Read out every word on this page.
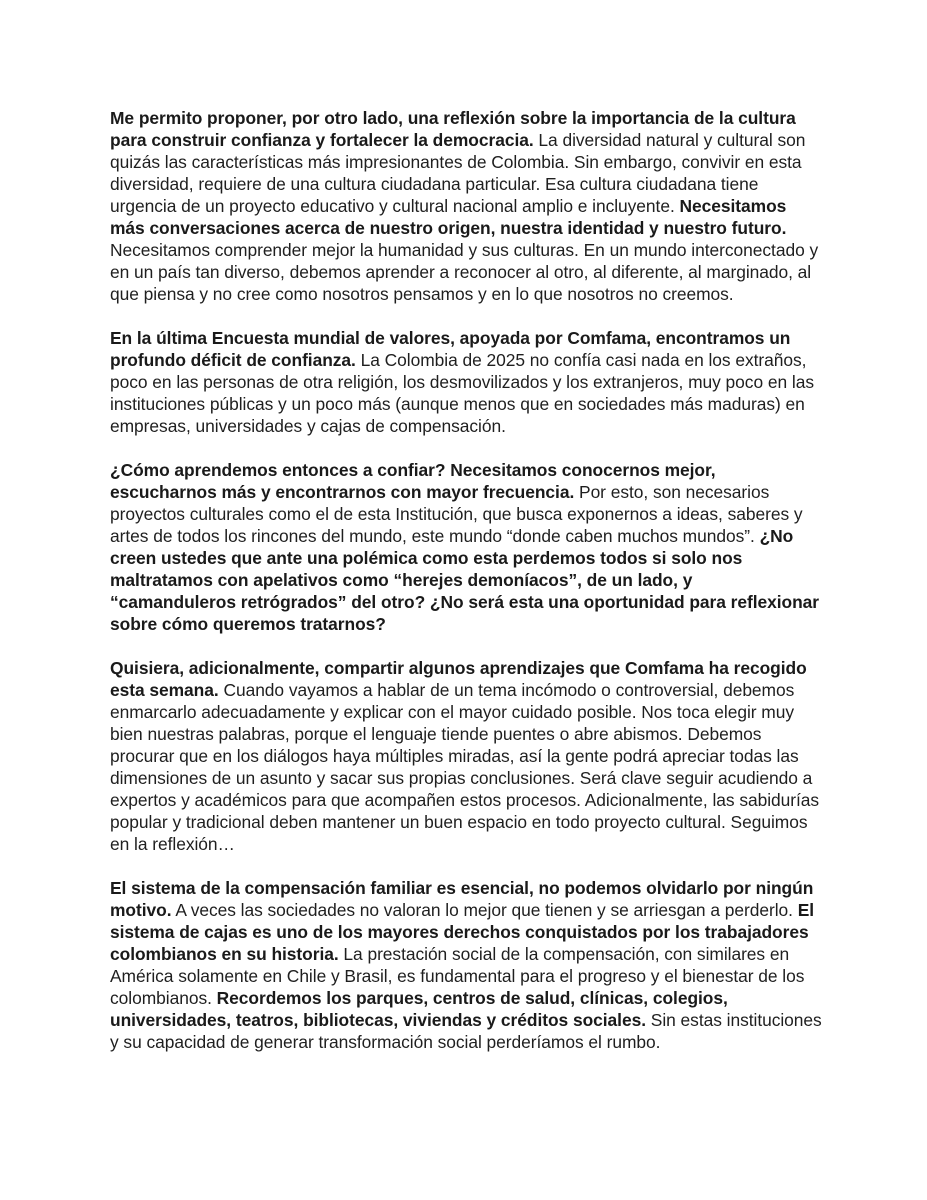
Me permito proponer, por otro lado, una reflexión sobre la importancia de la cultura para construir confianza y fortalecer la democracia. La diversidad natural y cultural son quizás las características más impresionantes de Colombia. Sin embargo, convivir en esta diversidad, requiere de una cultura ciudadana particular. Esa cultura ciudadana tiene urgencia de un proyecto educativo y cultural nacional amplio e incluyente. Necesitamos más conversaciones acerca de nuestro origen, nuestra identidad y nuestro futuro. Necesitamos comprender mejor la humanidad y sus culturas. En un mundo interconectado y en un país tan diverso, debemos aprender a reconocer al otro, al diferente, al marginado, al que piensa y no cree como nosotros pensamos y en lo que nosotros no creemos.

En la última Encuesta mundial de valores, apoyada por Comfama, encontramos un profundo déficit de confianza. La Colombia de 2025 no confía casi nada en los extraños, poco en las personas de otra religión, los desmovilizados y los extranjeros, muy poco en las instituciones públicas y un poco más (aunque menos que en sociedades más maduras) en empresas, universidades y cajas de compensación.

¿Cómo aprendemos entonces a confiar? Necesitamos conocernos mejor, escucharnos más y encontrarnos con mayor frecuencia. Por esto, son necesarios proyectos culturales como el de esta Institución, que busca exponernos a ideas, saberes y artes de todos los rincones del mundo, este mundo “donde caben muchos mundos”. ¿No creen ustedes que ante una polémica como esta perdemos todos si solo nos maltratamos con apelativos como “herejes demoníacos”, de un lado, y “camanduleros retrógrados” del otro? ¿No será esta una oportunidad para reflexionar sobre cómo queremos tratarnos?

Quisiera, adicionalmente, compartir algunos aprendizajes que Comfama ha recogido esta semana. Cuando vayamos a hablar de un tema incómodo o controversial, debemos enmarcarlo adecuadamente y explicar con el mayor cuidado posible. Nos toca elegir muy bien nuestras palabras, porque el lenguaje tiende puentes o abre abismos. Debemos procurar que en los diálogos haya múltiples miradas, así la gente podrá apreciar todas las dimensiones de un asunto y sacar sus propias conclusiones. Será clave seguir acudiendo a expertos y académicos para que acompañen estos procesos. Adicionalmente, las sabidurías popular y tradicional deben mantener un buen espacio en todo proyecto cultural. Seguimos en la reflexión…

El sistema de la compensación familiar es esencial, no podemos olvidarlo por ningún motivo. A veces las sociedades no valoran lo mejor que tienen y se arriesgan a perderlo. El sistema de cajas es uno de los mayores derechos conquistados por los trabajadores colombianos en su historia. La prestación social de la compensación, con similares en América solamente en Chile y Brasil, es fundamental para el progreso y el bienestar de los colombianos. Recordemos los parques, centros de salud, clínicas, colegios, universidades, teatros, bibliotecas, viviendas y créditos sociales. Sin estas instituciones y su capacidad de generar transformación social perderíamos el rumbo.
